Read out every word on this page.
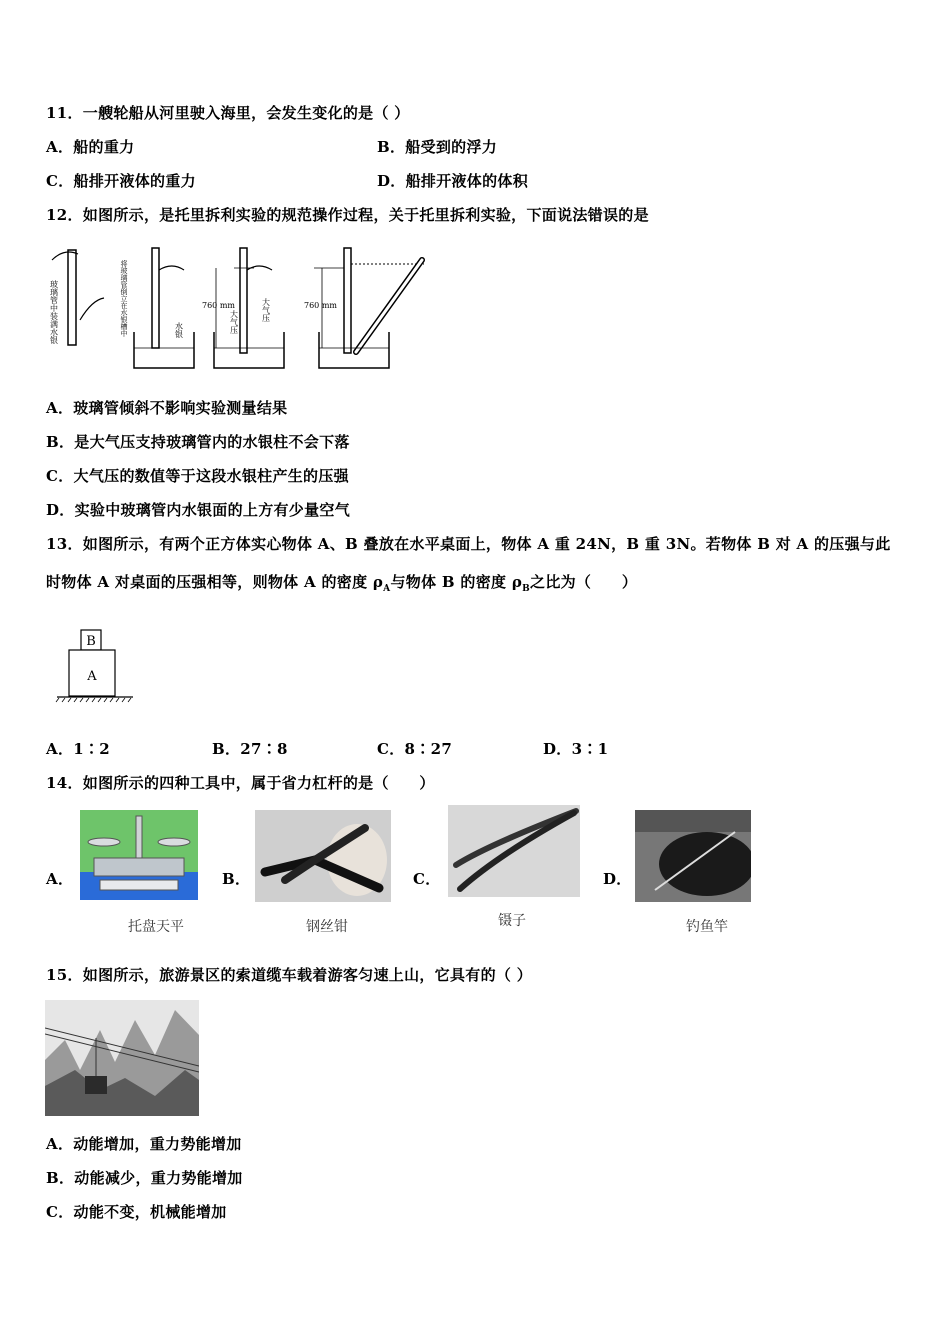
11．一艘轮船从河里驶入海里，会发生变化的是（ ）
A．船的重力	B．船受到的浮力
C．船排开液体的重力	D．船排开液体的体积
12．如图所示，是托里拆利实验的规范操作过程，关于托里拆利实验，下面说法错误的是
玻璃管中装满水银	将玻璃管倒立在水银槽中	水银
760 mm
大气压	大气压	760 mm
A．玻璃管倾斜不影响实验测量结果
B．是大气压支持玻璃管内的水银柱不会下落
C．大气压的数值等于这段水银柱产生的压强
D．实验中玻璃管内水银面的上方有少量空气
13．如图所示，有两个正方体实心物体 A、B 叠放在水平桌面上，物体 A 重 24N，B 重 3N。若物体 B 对 A 的压强与此
时物体 A 对桌面的压强相等，则物体 A 的密度 $\rho_A$与物体 B 的密度 $\rho_B$之比为（　　）
B
A
A．1∶2	B．27∶8	C．8∶27	D．3∶1
14．如图所示的四种工具中，属于省力杠杆的是（　　）
A．
托盘天平
B．
钢丝钳
C．
镊子
D．
钓鱼竿
15．如图所示，旅游景区的索道缆车载着游客匀速上山，它具有的（ ）
A．动能增加，重力势能增加
B．动能减少，重力势能增加
C．动能不变，机械能增加
